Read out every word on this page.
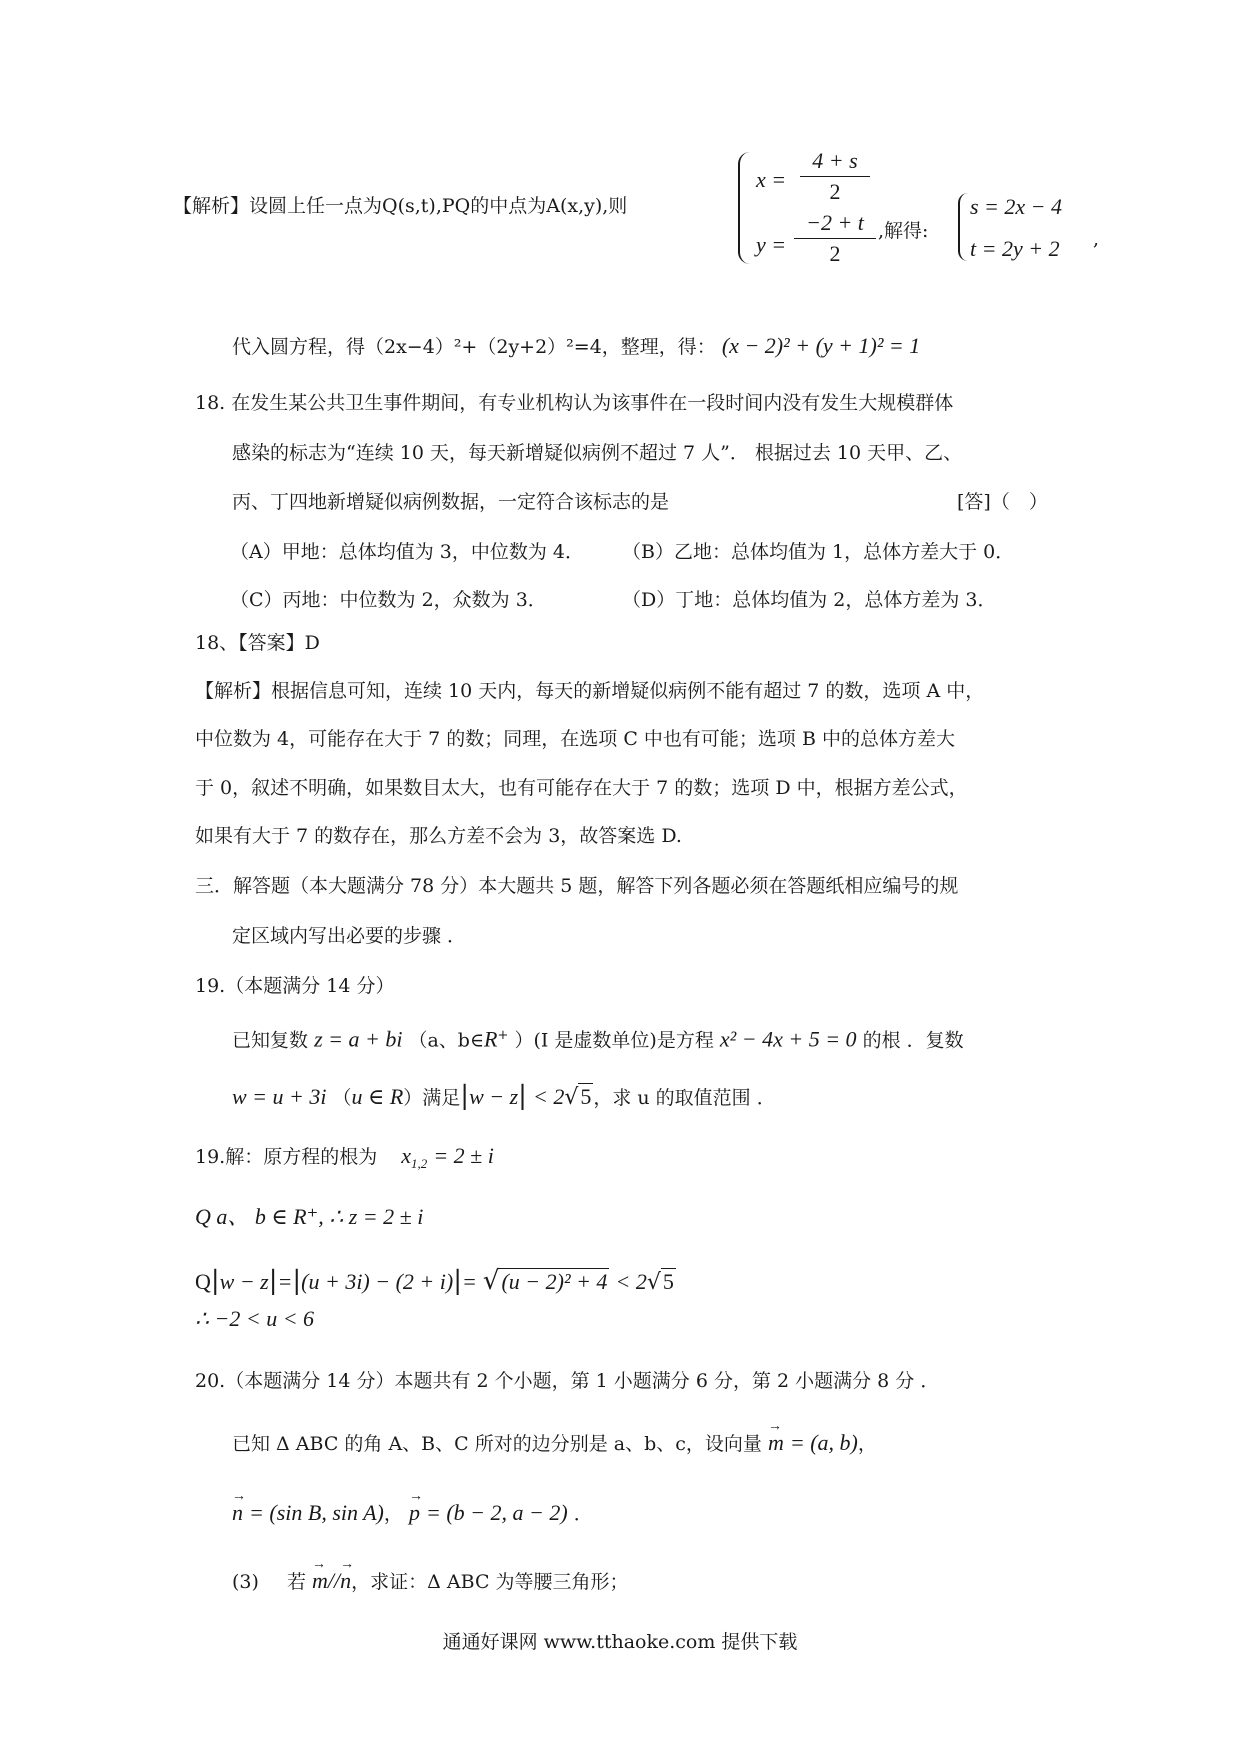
【解析】设圆上任一点为Q(s,t),PQ的中点为A(x,y),则
$x = \frac{4 + s}{2}$
$y = \frac{-2 + t}{2}$ ,解得:
s = 2x − 4
t = 2y + 2 ,
代入圆方程，得（2x−4）²+（2y+2）²=4，整理，得： (x − 2)² + (y + 1)² = 1
18. 在发生某公共卫生事件期间，有专业机构认为该事件在一段时间内没有发生大规模群体
感染的标志为“连续 10 天，每天新增疑似病例不超过 7 人”． 根据过去 10 天甲、乙、
丙、丁四地新增疑似病例数据，一定符合该标志的是	[答]（　）
（A）甲地：总体均值为 3，中位数为 4． （B）乙地：总体均值为 1，总体方差大于 0．
（C）丙地：中位数为 2，众数为 3．	（D）丁地：总体均值为 2，总体方差为 3．
18、【答案】D
【解析】根据信息可知，连续 10 天内，每天的新增疑似病例不能有超过 7 的数，选项 A 中，
中位数为 4，可能存在大于 7 的数；同理，在选项 C 中也有可能；选项 B 中的总体方差大
于 0，叙述不明确，如果数目太大，也有可能存在大于 7 的数；选项 D 中，根据方差公式，
如果有大于 7 的数存在，那么方差不会为 3，故答案选 D.
三．解答题（本大题满分 78 分）本大题共 5 题，解答下列各题必须在答题纸相应编号的规
定区域内写出必要的步骤 ．
19.（本题满分 14 分）
已知复数 z = a + bi （a、b∈R+ ）(I 是虚数单位)是方程 x² − 4x + 5 = 0 的根 ．复数
w = u + 3i （u ∈ R）满足|w − z| < 2√5 ，求 u 的取值范围 ．
19.解：原方程的根为 $x_{1,2} = 2 \pm i$
Q a、 b ∈ R⁺, ∴ z = 2 ± i
Q|w − z|=|(u + 3i) − (2 + i)|= √(u − 2)² + 4 < 2√5
∴ −2 < u < 6
20.（本题满分 14 分）本题共有 2 个小题，第 1 小题满分 6 分，第 2 小题满分 8 分 ．
已知 Δ ABC 的角 A、B、C 所对的边分别是 a、b、c，设向量 → m = (a, b)，
→ n = (sin B, sin A)， → p = (b − 2, a − 2) ．
(3) 若 → m//→ n，求证：Δ ABC 为等腰三角形；
通通好课网 www.tthaoke.com 提供下载
